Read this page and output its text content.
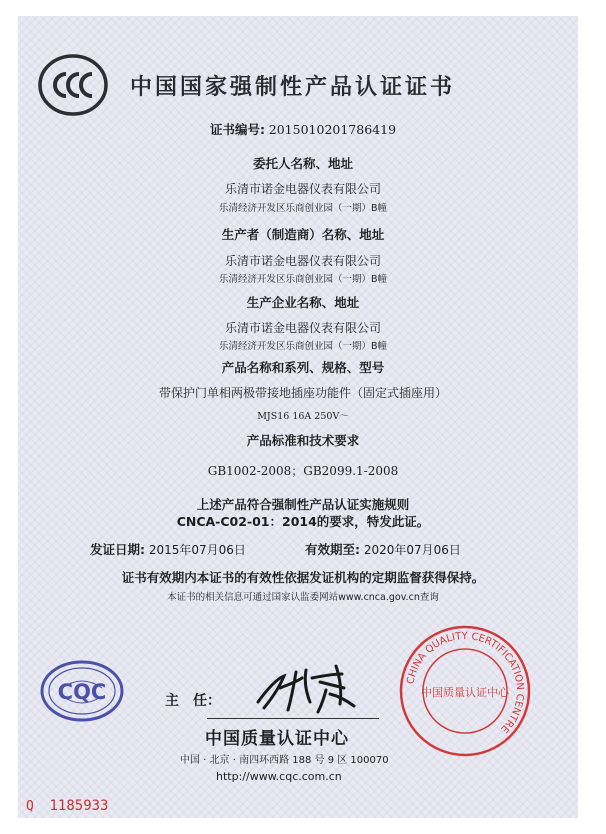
中国国家强制性产品认证证书
证书编号: 2015010201786419
委托人名称、地址
乐清市诺金电器仪表有限公司
乐清经济开发区乐商创业园（一期）B幢
生产者（制造商）名称、地址
乐清市诺金电器仪表有限公司
乐清经济开发区乐商创业园（一期）B幢
生产企业名称、地址
乐清市诺金电器仪表有限公司
乐清经济开发区乐商创业园（一期）B幢
产品名称和系列、规格、型号
带保护门单相两极带接地插座功能件（固定式插座用）
MJS16 16A 250V～
产品标准和技术要求
GB1002-2008；GB2099.1-2008
上述产品符合强制性产品认证实施规则
CNCA-C02-01：2014的要求，特发此证。
发证日期: 2015年07月06日	有效期至: 2020年07月06日
证书有效期内本证书的有效性依据发证机构的定期监督获得保持。
本证书的相关信息可通过国家认监委网站www.cnca.gov.cn查询
CQC	主　任：
中国质量认证中心
中国 · 北京 · 南四环西路 188 号 9 区 100070
http://www.cqc.com.cn
CHINA QUALITY CERTIFICATION CENTRE
中国质量认证中心
Q 1185933
